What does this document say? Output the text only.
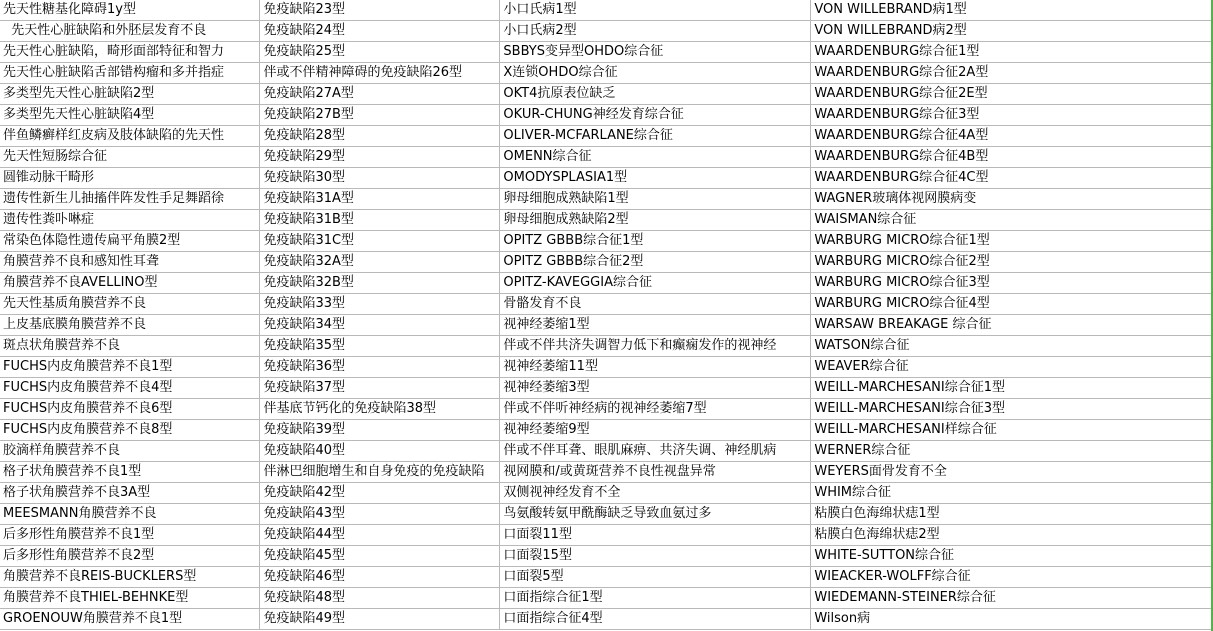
先天性糖基化障碍1y型	免疫缺陷23型	小口氏病1型	VON WILLEBRAND病1型
先天性心脏缺陷和外胚层发育不良	免疫缺陷24型	小口氏病2型	VON WILLEBRAND病2型
先天性心脏缺陷，畸形面部特征和智力	免疫缺陷25型	SBBYS变异型OHDO综合征	WAARDENBURG综合征1型
先天性心脏缺陷舌部错构瘤和多并指症	伴或不伴精神障碍的免疫缺陷26型	X连锁OHDO综合征	WAARDENBURG综合征2A型
多类型先天性心脏缺陷2型	免疫缺陷27A型	OKT4抗原表位缺乏	WAARDENBURG综合征2E型
多类型先天性心脏缺陷4型	免疫缺陷27B型	OKUR-CHUNG神经发育综合征	WAARDENBURG综合征3型
伴鱼鳞癣样红皮病及肢体缺陷的先天性	免疫缺陷28型	OLIVER-MCFARLANE综合征	WAARDENBURG综合征4A型
先天性短肠综合征	免疫缺陷29型	OMENN综合征	WAARDENBURG综合征4B型
圆锥动脉干畸形	免疫缺陷30型	OMODYSPLASIA1型	WAARDENBURG综合征4C型
遗传性新生儿抽搐伴阵发性手足舞蹈徐	免疫缺陷31A型	卵母细胞成熟缺陷1型	WAGNER玻璃体视网膜病变
遗传性粪卟啉症	免疫缺陷31B型	卵母细胞成熟缺陷2型	WAISMAN综合征
常染色体隐性遗传扁平角膜2型	免疫缺陷31C型	OPITZ GBBB综合征1型	WARBURG MICRO综合征1型
角膜营养不良和感知性耳聋	免疫缺陷32A型	OPITZ GBBB综合征2型	WARBURG MICRO综合征2型
角膜营养不良AVELLINO型	免疫缺陷32B型	OPITZ-KAVEGGIA综合征	WARBURG MICRO综合征3型
先天性基质角膜营养不良	免疫缺陷33型	骨骼发育不良	WARBURG MICRO综合征4型
上皮基底膜角膜营养不良	免疫缺陷34型	视神经萎缩1型	WARSAW BREAKAGE 综合征
斑点状角膜营养不良	免疫缺陷35型	伴或不伴共济失调智力低下和癫痫发作的视神经	WATSON综合征
FUCHS内皮角膜营养不良1型	免疫缺陷36型	视神经萎缩11型	WEAVER综合征
FUCHS内皮角膜营养不良4型	免疫缺陷37型	视神经萎缩3型	WEILL-MARCHESANI综合征1型
FUCHS内皮角膜营养不良6型	伴基底节钙化的免疫缺陷38型	伴或不伴听神经病的视神经萎缩7型	WEILL-MARCHESANI综合征3型
FUCHS内皮角膜营养不良8型	免疫缺陷39型	视神经萎缩9型	WEILL-MARCHESANI样综合征
胶滴样角膜营养不良	免疫缺陷40型	伴或不伴耳聋、眼肌麻痹、共济失调、神经肌病	WERNER综合征
格子状角膜营养不良1型	伴淋巴细胞增生和自身免疫的免疫缺陷	视网膜和/或黄斑营养不良性视盘异常	WEYERS面骨发育不全
格子状角膜营养不良3A型	免疫缺陷42型	双侧视神经发育不全	WHIM综合征
MEESMANN角膜营养不良	免疫缺陷43型	鸟氨酸转氨甲酰酶缺乏导致血氨过多	粘膜白色海绵状痣1型
后多形性角膜营养不良1型	免疫缺陷44型	口面裂11型	粘膜白色海绵状痣2型
后多形性角膜营养不良2型	免疫缺陷45型	口面裂15型	WHITE-SUTTON综合征
角膜营养不良REIS-BUCKLERS型	免疫缺陷46型	口面裂5型	WIEACKER-WOLFF综合征
角膜营养不良THIEL-BEHNKE型	免疫缺陷48型	口面指综合征1型	WIEDEMANN-STEINER综合征
GROENOUW角膜营养不良1型	免疫缺陷49型	口面指综合征4型	Wilson病
